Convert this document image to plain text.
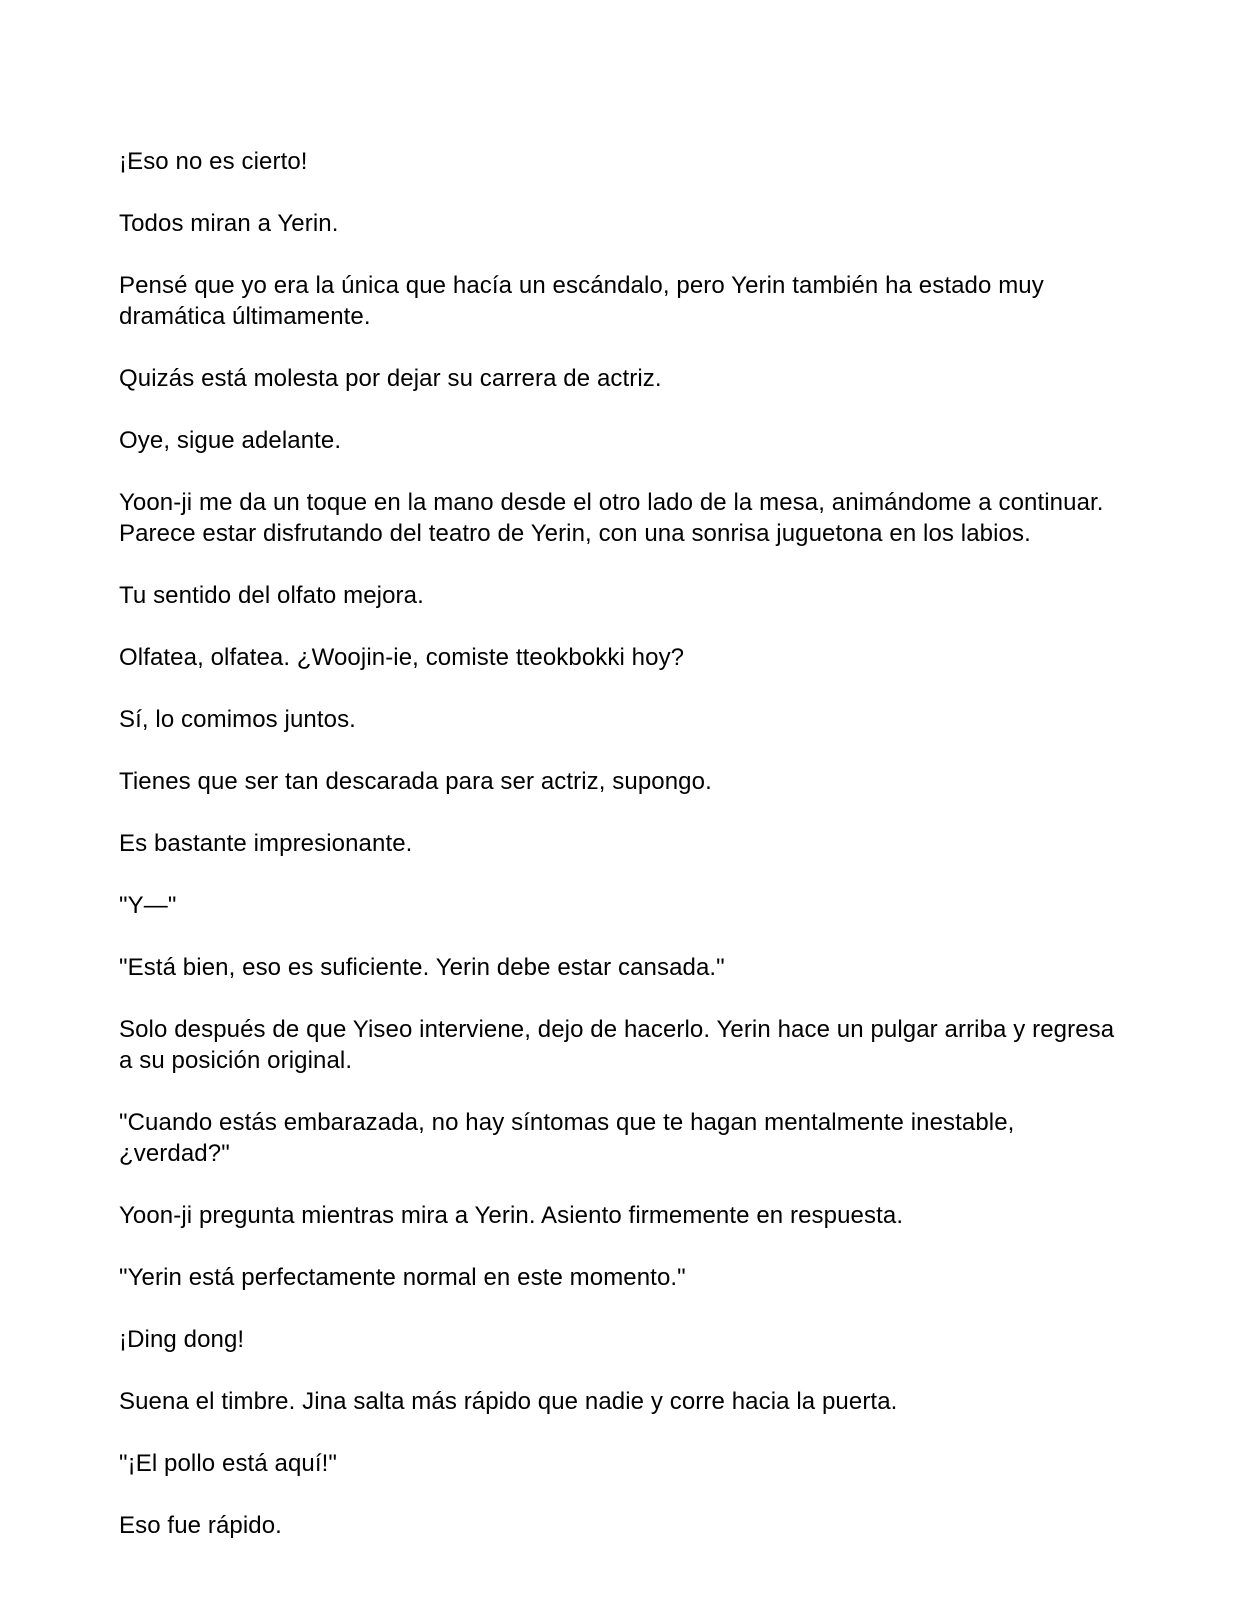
¡Eso no es cierto!

Todos miran a Yerin.

Pensé que yo era la única que hacía un escándalo, pero Yerin también ha estado muy dramática últimamente.

Quizás está molesta por dejar su carrera de actriz.

Oye, sigue adelante.

Yoon-ji me da un toque en la mano desde el otro lado de la mesa, animándome a continuar. Parece estar disfrutando del teatro de Yerin, con una sonrisa juguetona en los labios.

Tu sentido del olfato mejora.

Olfatea, olfatea. ¿Woojin-ie, comiste tteokbokki hoy?

Sí, lo comimos juntos.

Tienes que ser tan descarada para ser actriz, supongo.

Es bastante impresionante.

"Y—"

"Está bien, eso es suficiente. Yerin debe estar cansada."

Solo después de que Yiseo interviene, dejo de hacerlo. Yerin hace un pulgar arriba y regresa a su posición original.

"Cuando estás embarazada, no hay síntomas que te hagan mentalmente inestable, ¿verdad?"

Yoon-ji pregunta mientras mira a Yerin. Asiento firmemente en respuesta.

"Yerin está perfectamente normal en este momento."

¡Ding dong!

Suena el timbre. Jina salta más rápido que nadie y corre hacia la puerta.

"¡El pollo está aquí!"

Eso fue rápido.
